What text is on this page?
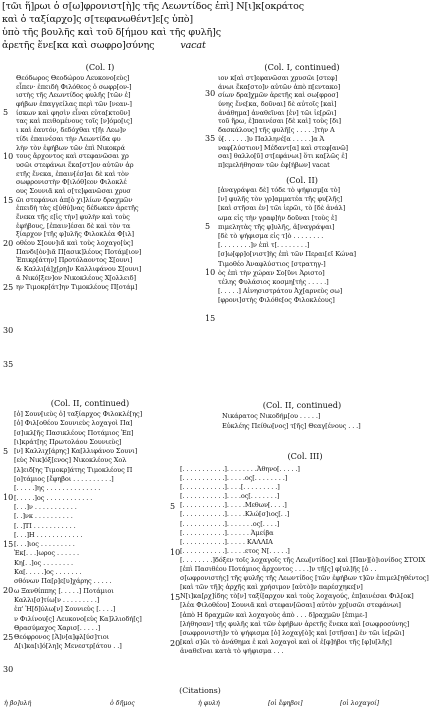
[τῶι ἥ]ρωι ὁ σ[ω]φρονιστ[ὴ]ς τῆς Λεωντίδος ἐπὶ] Ν[ι]κ[οκράτος
καὶ ὁ ταξίαρχο]ς σ[τεφανωθέντ]ε[ς ὑπὸ]
ὑπὸ τῆς βουλῆς καὶ τοῦ δ[ήμου καὶ τῆς φυλῆ]ς
ἀρετῆς ἕνε[κα καὶ σωφρο]σύνης	vacat
(Col. I)
Θεόδωρος Θεοδώρου Λευκονο[εὺς]
εἶπεν· ἐπειδὴ Φιλόθεος ὁ σωφρ[ον-]
ιστὴς τῆς Λεωντίδος φυλῆς [τῶν ἐ]
φήβων ἐπαγγείλας περὶ τῶν [νεαν-]
ίσκων καὶ φησὶν εἶναι εὐτα[κτοῦν]
τας καὶ πειθομένους τοῖς [ν]όμο[ις]
ι καὶ ἑαυτόν, δεδόχθαι τ[ῆι Λεω]ν
τίδι ἐπαινέσαι τὴν Λεωντίδα φυ
λὴν τὸν ἐφήβων τῶν ἐπὶ Νικοκρά
τους ἄρχοντος καὶ στεφανῶσαι χρ
υσῶι στεφάνωι ἕκα[στ]ον αὐτῶν ἀρ
ετῆς ἕνεκα, ἐπαιν[έσ]αι δὲ καὶ τὸν
σωφρονιστὴν Φ[ιλόθ]εον Φιλοκλέ
ους Σουνιᾶ καὶ σ[τε]φανῶσαι χρυσ
ῶι στεφάνωι ἀπ[ὸ χι]λίων δραχμῶν
ἐπειδὴ τὰς ε[ὐθύ]νας δέδωκεν ἀρετῆς
ἕνεκα τῆς ε[ἰς τὴν] φυλὴν καὶ τοὺς
ἐφήβους, [ἐπαιν]έσαι δὲ καὶ τὸν τα
ξίαρχον [τῆς φ]υλῆς Φιλοκλέα Φ[ιλ]
οθέου Σ[ουν]ιᾶ καὶ τοὺς λοχαγο[ὺς]
Πανδι[ὸν]ιᾶ Π[ασικ]λέους Ποτάμ[ιον]
Ἐπικρ[άτην] Προτόλαοντος Σ[ουνι]
& Καλλι[ά]χ[ρη]ν Καλλιφάνου Σ[ουνι]
ᾶ Νικό[ξεν]ον Νικοκλέους Χ[ολλειδ]
ην Τιμοκρ[άτ]ην Τιμοκλέους Π[οτάμ]
5
10
15
20
25
30
35
(Col. I, continued)
ιον κ[αὶ στ]εφανῶσαι χρυσῶι [στεφ]
άνωι ἕκα[στο]ν αὐτῶν ἀπὸ π[εντακο]
σίων δρα]χμῶν ἀρετῆς καὶ σω[φροσ]
ύνης ἕνε[κα, δοῦναι] δὲ αὐτοῖς [καὶ]
ἀνάθημα] ἀναθεῖναι [ἐν] τῶι ἱε[ρῶι]
τοῦ ἥρω, ἐ]παινέσαι [δὲ καὶ] τοὺς [δι]
δασκάλους] τῆς φυλῆ[ς . . . . .]τὴν Α
ὐ[. . . . . .]υ Παλληνέ[α . . . . .]α Ἀ
ναφ[λύστιον] Μέδαντ[α] καὶ στεφ[ανῶ]
σαι] θαλλο[ῦ] στ[εφάνωι] ὅτι κα[λῶς ἐ]
π]εμελήθησαν τῶν ἐφ[ήβων] vacat
30
35
(Col. II)
[ἀναγράψαι δὲ] τόδε τὸ ψήφισμ[α τὸ]
[ν] φυλῆς τὸν γρ]αμματέα τῆς φυ[λῆς]
[καὶ στῆσαι ἐν] τῶι ἱερῶι, τὸ [δὲ ἀνάλ]
ωμα εἰς τὴν γραφ]ὴν δοῦναι [τοὺς ἐ]
πιμελητὰς τῆς φ]υλῆς, ἀ[ναγράψαι]
[δὲ τὸ ψήφισμα εἰς τ]ὸ . . . . . . . .
[. . . . . . . .]ν ἐπὶ τ[. . . . . . . .]
[σ]ω[φρ]ο[νιστ]ὴς ἐπὶ τῶν Περαι[εῖ Κώνα]
Τιμοθέο Ἀναφλύστιος [στρατηγ-]
ὸς ἐπὶ τὴν χώραν Σο[ῦνι Ἀριστο]
τέλης Φυλάσιος κοσμη[τὴς . . . . .]
[. . . . .] Αἰνησιστράτου Ἀχ[αρνεὺς σω]
[φρονι]στὴς Φιλόθε[ος Φιλοκλέους]
5
10
15
(Col. II, continued)
[ὁ] Σουν[ιεὺς ὁ] ταξίαρχος Φιλοκλέ[ης]
[ὁ] Φιλ[οθέου Σουνιεὺς λοχαγοὶ Πα]
[σ]ικλ[ῆς Πασικλέους Ποτάμιος Ἐπ]
[ι]κράτ[ης Πρωτολάου Σουνιεὺς]
[ν] Καλλιχ[άρης] Κα[λλιφάνου Σουνι]
[εὺς Νικ]όξ[ενος] Νικοκλέους Χολ
[λ]ειδ[ης Τιμοκρ]άτης Τιμοκλέους Π
[ο]τάμιος [ἔφηβοι . . . . . . . . . .]
[. . . . .]ης . . . . . . . . . . . . . .
[. . . . .]ος . . . . . . . . . . . .
[. . .]ν . . . . . . . . . . .
[. .]νκ . . . . . . . . . .
[. .]ΤΙ . . . . . . . . . . .
[. . .]Η . . . . . . . . . . . .
[. . .]ιος . . . . . . . . .
Ἐκ[. . .]ωρος . . . . . .
Κη[. .]ος . . . . . . . .
Κα[. . . . .]ος . . . . . . .
σθόνων Πα[ρ]ε[υ]χάρης . . . . .
ω Ξανθίππης [. . . . .] Ποτάμιοι
Καλλι[σ]τίω[ν . . . . . . . . .]
ἐπ' Ἡ[δ]ύλω[ν] Σουνιεὺς [. . . .]
ν Φιλίνου[ς] Λευκονο[εὺς Κα]λλιοδή[ς]
Θρασύμαχος Χαρισ[. . . . .]
Θεόφρονος [Ἀ]ν[α]φλ[ύσ]τιοι
Δ[ι]κα[ι]ό[λη]ς Μενεστρ[άτου . .]
5
10
15
20
25
30
(Col. II, continued)
Νικάρατος Νικοδήμ[ου . . . . .]
Εὐκλέης Πείθω[νος] τ[ῆς] Θεαγ[ένους . . .]
(Col. III)
[. . . . . . . . . . .]. . . . . . . .Ἀθηνο[. . . . .]
[. . . . . . . . . . .]. . . . .ος[. . . . . . . .]
[. . . . . . . . . . .]. . . .[. . . . . . . . .]
[. . . . . . . . . . .]. . . .ος[. . . . . . .]
[. . . . . . . . . . .]. . . . .Μεθων[. . . .]
[. . . . . . . . . . .]. . . . .Κλώ[σ]ιος[. .]
[. . . . . . . . . . .]. . . . . . .ος[. . . .]
[. . . . . . . . . . .]. . . . . . Ἀμείβα
[. . . . . . . . . . .]. . . . . ΚΑΛΛΙΑ
[. . . . . . . . . . .]. . . . .ετος Ν[. . . . .]
[. . . . . . . .]δόξεν τοῖς λοχαγοῖς τῆς Λεω[ντίδος] καὶ [Παν][ὸ]ιονίδος ΣΤΟΙΧ
[ἐπὶ Πασιθέου Ποτάμιος ἄρχοντος . . . .]ν τῆ[ς] φ[υλ]ῆς [ὁ . .
σ[ωφρονιστὴς] τῆς φυλῆς τῆς Λεωντίδος [τῶν ἐφήβων τ]ῶν ἐπιμελ[ηθέντος]
[καὶ τῶν τῆ]ς ἀρχῆς καὶ χρήσιμον [αὑτὸ]ν παρέσχηκε[ν]
Ν[ι]κα[ρχ]ίδης τὸ[ν] ταξί[αρχον καὶ τοὺς λοχαγούς, ἐπ]αινέσαι Φιλ[οκ]
[λέα Φιλοθέου] Σουνιᾶ καὶ στεφαν[ῶσαι] αὐτὸν χρ[υσῶι στεφάνωι]
[ἀπὸ Η δραχμῶν καὶ λοχαγοὺς ἀπὸ . . . δ]ραχμῶν [ἐπιμε-]
[λήθησαν] τῆς φυλῆς καὶ τῶν ἐφήβων ἀρετῆς ἕνεκα καὶ [σωφροσύνης]
[σωφρονιστὴ]ν τὸ ψήφισμα [ὁ] λοχαγ[ὸ]ς καὶ [στῆσαι] ἐν τῶι ἱε[ρῶι]
[καὶ σ]ῶι τὸ ἀνάθημα ἐ καὶ λοχαγοὶ καὶ οἱ ἐ[φ]ήβοι τῆς [φ]υ[λῆς]
ἀναθεῖναι κατὰ τὸ ψήφισμα . . .
5
10
15
20
(Citations)
ἡ βο]υλή	ὁ δῆμος	ἡ φυλή	[οἱ ἔφηβοι]	[οἱ λοχαγοί]
